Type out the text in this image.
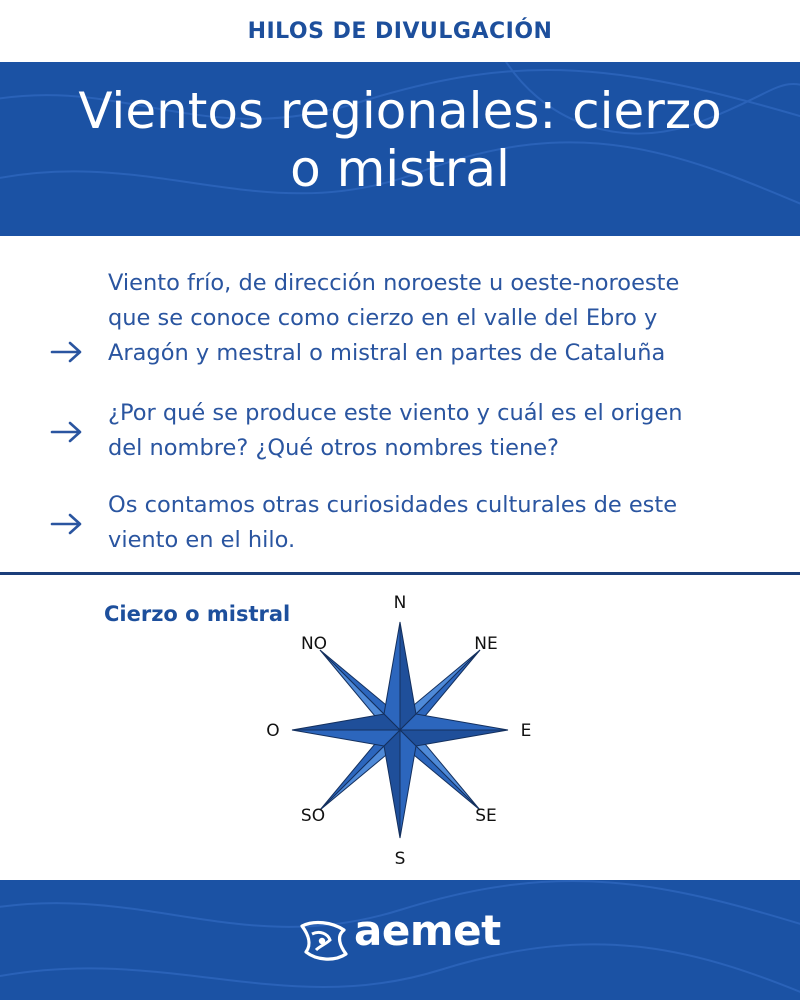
HILOS DE DIVULGACIÓN
Vientos regionales: cierzo
o mistral
Viento frío, de dirección noroeste u oeste-noroeste
que se conoce como cierzo en el valle del Ebro y
Aragón y mestral o mistral en partes de Cataluña
¿Por qué se produce este viento y cuál es el origen
del nombre? ¿Qué otros nombres tiene?
Os contamos otras curiosidades culturales de este
viento en el hilo.
Cierzo o mistral	N
NE
E
SE
S
SO
O
NO
aemet
